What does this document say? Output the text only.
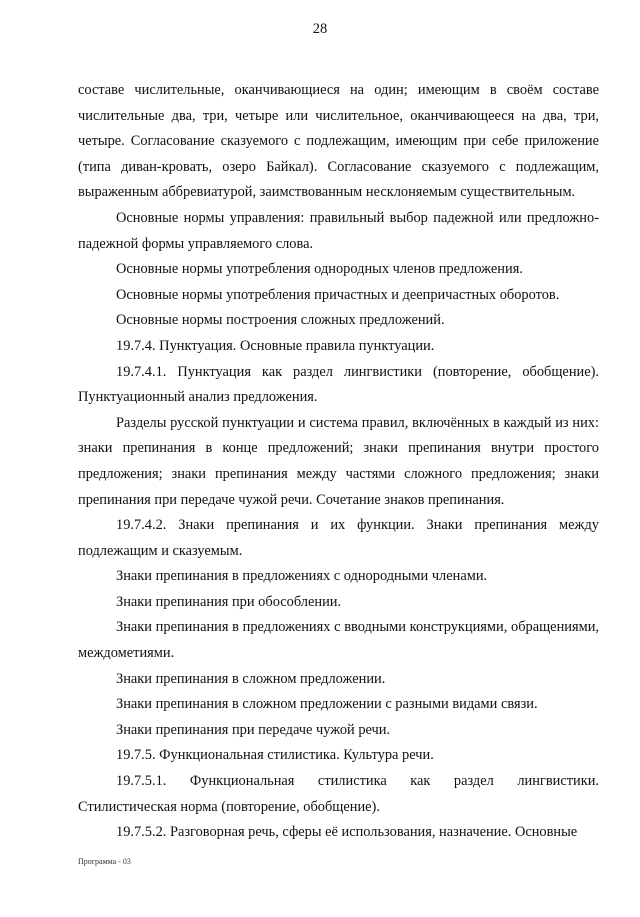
28

составе числительные, оканчивающиеся на один; имеющим в своём составе числительные два, три, четыре или числительное, оканчивающееся на два, три, четыре. Согласование сказуемого с подлежащим, имеющим при себе приложение (типа диван-кровать, озеро Байкал). Согласование сказуемого с подлежащим, выраженным аббревиатурой, заимствованным несклоняемым существительным.

Основные нормы управления: правильный выбор падежной или предложно-падежной формы управляемого слова.

Основные нормы употребления однородных членов предложения.

Основные нормы употребления причастных и деепричастных оборотов.

Основные нормы построения сложных предложений.

19.7.4. Пунктуация. Основные правила пунктуации.

19.7.4.1. Пунктуация как раздел лингвистики (повторение, обобщение). Пунктуационный анализ предложения.

Разделы русской пунктуации и система правил, включённых в каждый из них: знаки препинания в конце предложений; знаки препинания внутри простого предложения; знаки препинания между частями сложного предложения; знаки препинания при передаче чужой речи. Сочетание знаков препинания.

19.7.4.2. Знаки препинания и их функции. Знаки препинания между подлежащим и сказуемым.

Знаки препинания в предложениях с однородными членами.

Знаки препинания при обособлении.

Знаки препинания в предложениях с вводными конструкциями, обращениями, междометиями.

Знаки препинания в сложном предложении.

Знаки препинания в сложном предложении с разными видами связи.

Знаки препинания при передаче чужой речи.

19.7.5. Функциональная стилистика. Культура речи.

19.7.5.1. Функциональная стилистика как раздел лингвистики. Стилистическая норма (повторение, обобщение).

19.7.5.2. Разговорная речь, сферы её использования, назначение. Основные

Программа - 03
